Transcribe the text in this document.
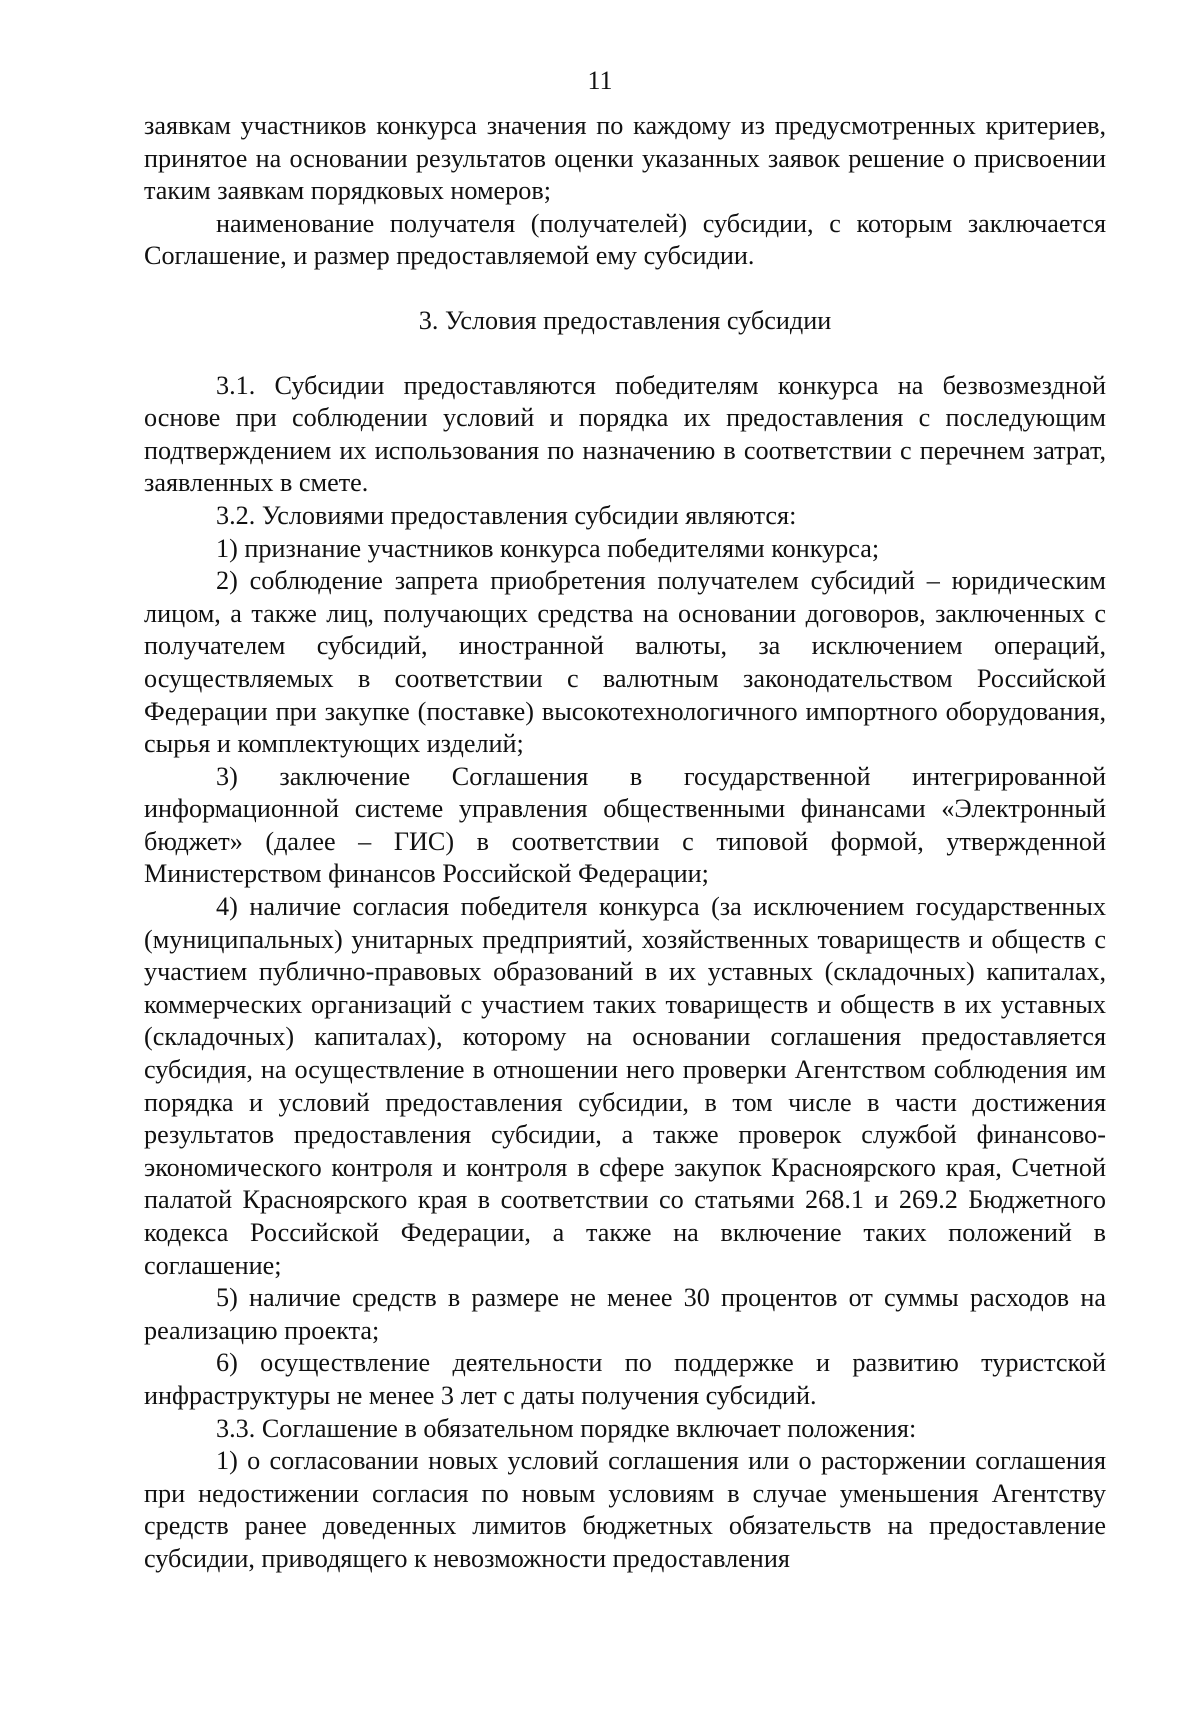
11

заявкам участников конкурса значения по каждому из предусмотренных критериев, принятое на основании результатов оценки указанных заявок решение о присвоении таким заявкам порядковых номеров;

наименование получателя (получателей) субсидии, с которым заключается Соглашение, и размер предоставляемой ему субсидии.

3. Условия предоставления субсидии

3.1. Субсидии предоставляются победителям конкурса на безвозмездной основе при соблюдении условий и порядка их предоставления с последующим подтверждением их использования по назначению в соответствии с перечнем затрат, заявленных в смете.

3.2. Условиями предоставления субсидии являются:

1) признание участников конкурса победителями конкурса;

2) соблюдение запрета приобретения получателем субсидий – юридическим лицом, а также лиц, получающих средства на основании договоров, заключенных с получателем субсидий, иностранной валюты, за исключением операций, осуществляемых в соответствии с валютным законодательством Российской Федерации при закупке (поставке) высокотехнологичного импортного оборудования, сырья и комплектующих изделий;

3) заключение Соглашения в государственной интегрированной информационной системе управления общественными финансами «Электронный бюджет» (далее – ГИС) в соответствии с типовой формой, утвержденной Министерством финансов Российской Федерации;

4) наличие согласия победителя конкурса (за исключением государственных (муниципальных) унитарных предприятий, хозяйственных товариществ и обществ с участием публично-правовых образований в их уставных (складочных) капиталах, коммерческих организаций с участием таких товариществ и обществ в их уставных (складочных) капиталах), которому на основании соглашения предоставляется субсидия, на осуществление в отношении него проверки Агентством соблюдения им порядка и условий предоставления субсидии, в том числе в части достижения результатов предоставления субсидии, а также проверок службой финансово-экономического контроля и контроля в сфере закупок Красноярского края, Счетной палатой Красноярского края в соответствии со статьями 268.1 и 269.2 Бюджетного кодекса Российской Федерации, а также на включение таких положений в соглашение;

5) наличие средств в размере не менее 30 процентов от суммы расходов на реализацию проекта;

6) осуществление деятельности по поддержке и развитию туристской инфраструктуры не менее 3 лет с даты получения субсидий.

3.3. Соглашение в обязательном порядке включает положения:

1) о согласовании новых условий соглашения или о расторжении соглашения при недостижении согласия по новым условиям в случае уменьшения Агентству средств ранее доведенных лимитов бюджетных обязательств на предоставление субсидии, приводящего к невозможности предоставления
